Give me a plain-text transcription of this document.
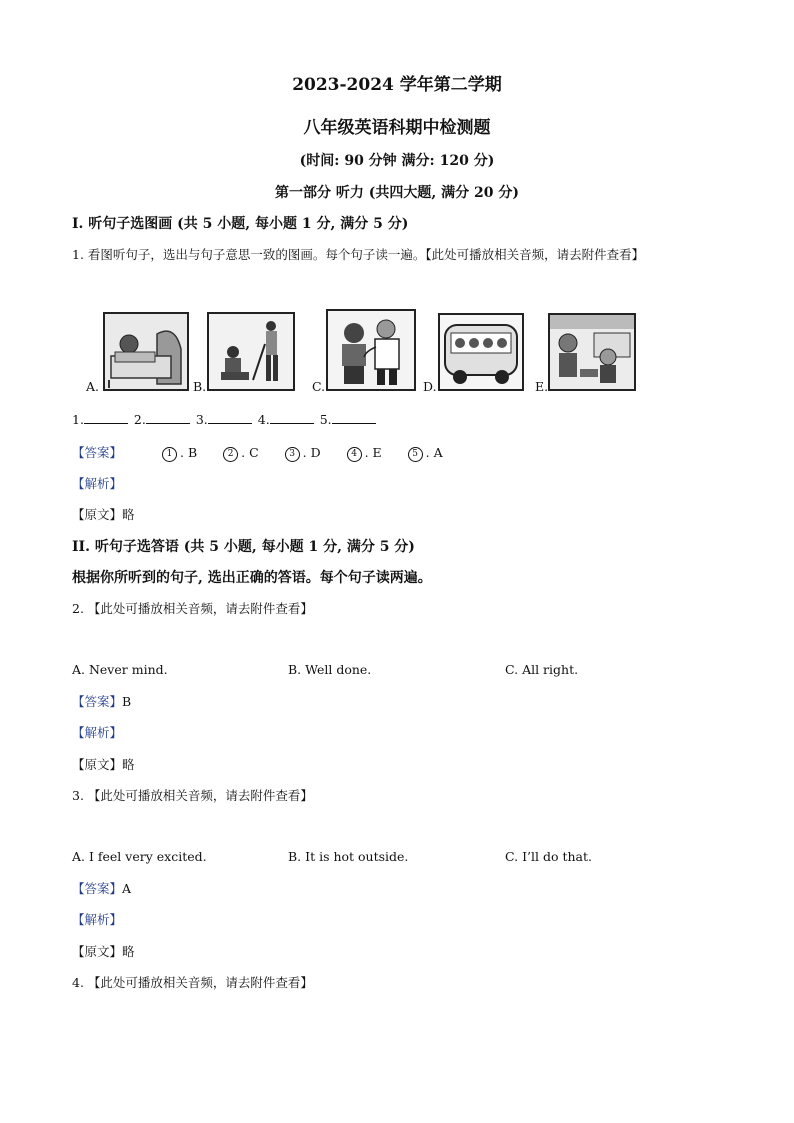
2023-2024 学年第二学期
八年级英语科期中检测题
(时间: 90 分钟 满分: 120 分)
第一部分 听力 (共四大题, 满分 20 分)
Ⅰ. 听句子选图画 (共 5 小题, 每小题 1 分, 满分 5 分)
1. 看图听句子，选出与句子意思一致的图画。每个句子读一遍。【此处可播放相关音频，请去附件查看】
A.	B.	C.	D.	E.
1.	2.	3.	4.	5.
【答案】	1 . B	2 . C	3 . D	4 . E	5 . A
【解析】
【原文】略
II. 听句子选答语 (共 5 小题, 每小题 1 分, 满分 5 分)
根据你所听到的句子, 选出正确的答语。每个句子读两遍。
2. 【此处可播放相关音频，请去附件查看】
A. Never mind.	B. Well done.	C. All right.
【答案】B
【解析】
【原文】略
3. 【此处可播放相关音频，请去附件查看】
A. I feel very excited.	B. It is hot outside.	C. I’ll do that.
【答案】A
【解析】
【原文】略
4. 【此处可播放相关音频，请去附件查看】
